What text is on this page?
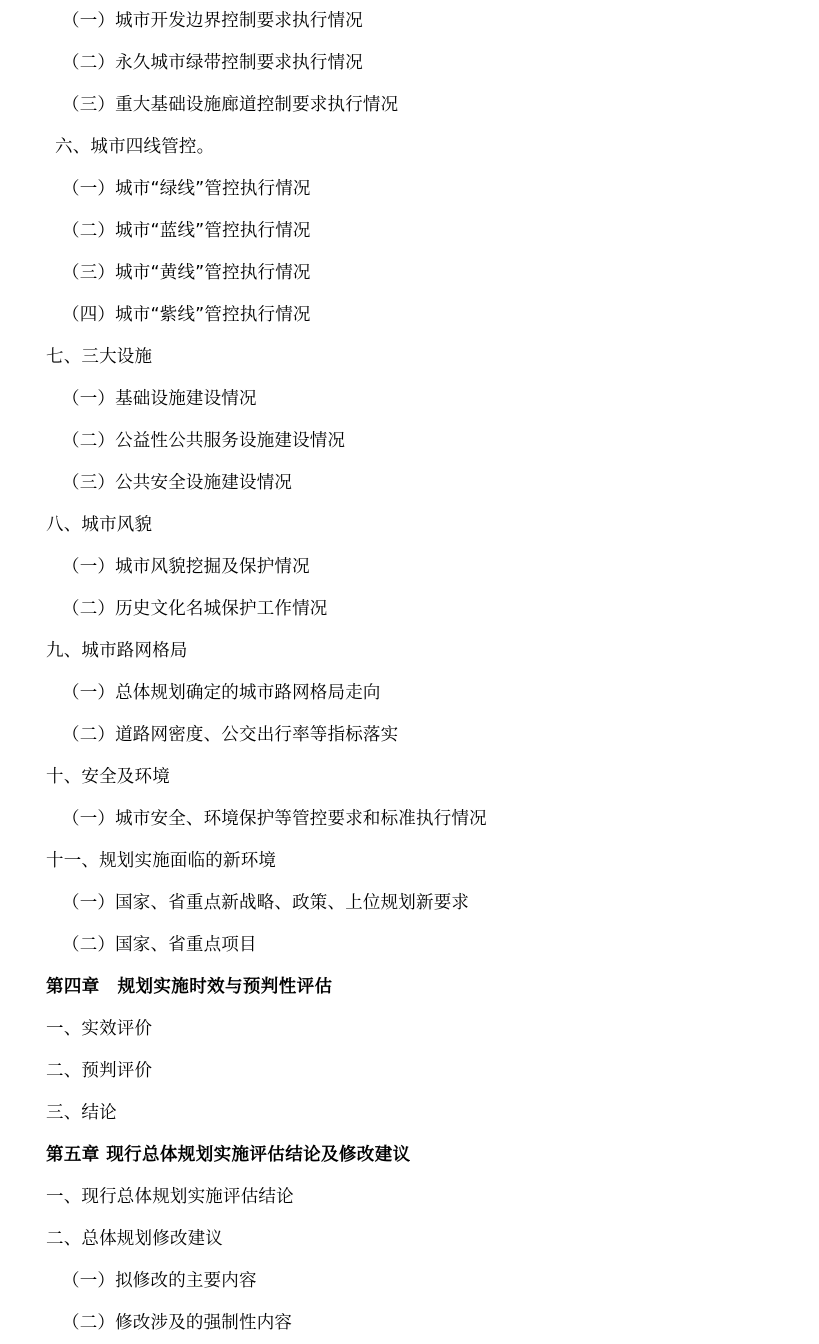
（一）城市开发边界控制要求执行情况
（二）永久城市绿带控制要求执行情况
（三）重大基础设施廊道控制要求执行情况
六、城市四线管控。
（一）城市“绿线”管控执行情况
（二）城市“蓝线”管控执行情况
（三）城市“黄线”管控执行情况
（四）城市“紫线”管控执行情况
七、三大设施
（一）基础设施建设情况
（二）公益性公共服务设施建设情况
（三）公共安全设施建设情况
八、城市风貌
（一）城市风貌挖掘及保护情况
（二）历史文化名城保护工作情况
九、城市路网格局
（一）总体规划确定的城市路网格局走向
（二）道路网密度、公交出行率等指标落实
十、安全及环境
（一）城市安全、环境保护等管控要求和标准执行情况
十一、规划实施面临的新环境
（一）国家、省重点新战略、政策、上位规划新要求
（二）国家、省重点项目
第四章　规划实施时效与预判性评估
一、实效评价
二、预判评价
三、结论
第五章 现行总体规划实施评估结论及修改建议
一、现行总体规划实施评估结论
二、总体规划修改建议
（一）拟修改的主要内容
（二）修改涉及的强制性内容
